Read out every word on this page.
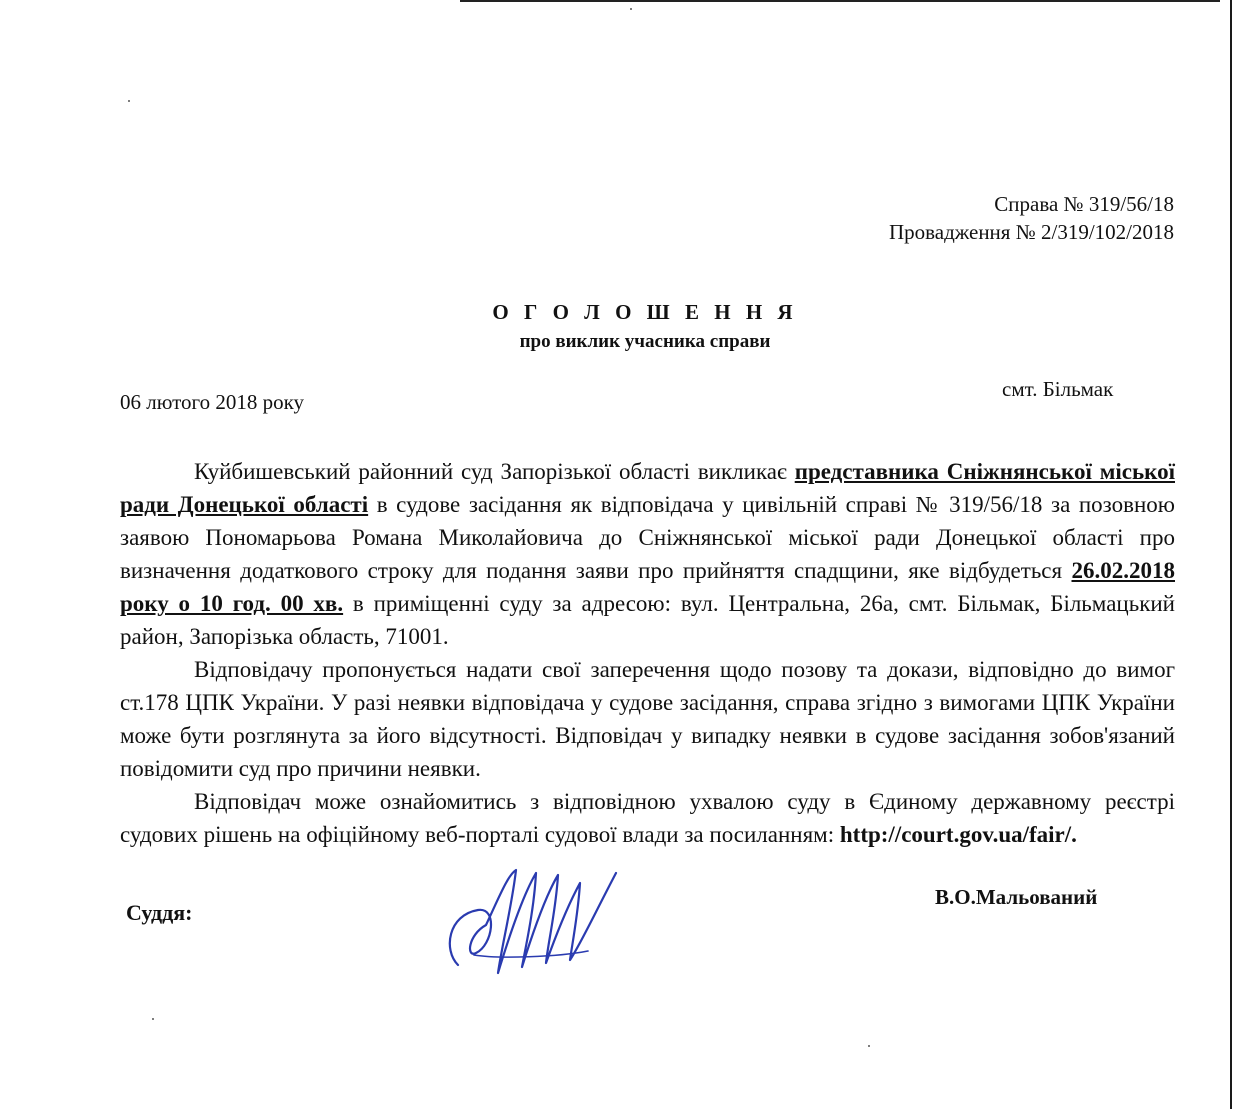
Справа № 319/56/18
Провадження № 2/319/102/2018
О Г О Л О Ш Е Н Н Я
про виклик учасника справи
06 лютого 2018 року
смт. Більмак

Куйбишевський районний суд Запорізької області викликає представника Сніжнянської міської ради Донецької області в судове засідання як відповідача у цивільній справі № 319/56/18 за позовною заявою Пономарьова Романа Миколайовича до Сніжнянської міської ради Донецької області про визначення додаткового строку для подання заяви про прийняття спадщини, яке відбудеться 26.02.2018 року о 10 год. 00 хв. в приміщенні суду за адресою: вул. Центральна, 26а, смт. Більмак, Більмацький район, Запорізька область, 71001.

Відповідачу пропонується надати свої заперечення щодо позову та докази, відповідно до вимог ст.178 ЦПК України. У разі неявки відповідача у судове засідання, справа згідно з вимогами ЦПК України може бути розглянута за його відсутності. Відповідач у випадку неявки в судове засідання зобов'язаний повідомити суд про причини неявки.

Відповідач може ознайомитись з відповідною ухвалою суду в Єдиному державному реєстрі судових рішень на офіційному веб-порталі судової влади за посиланням: http://court.gov.ua/fair/.

Суддя:
В.О.Мальований
